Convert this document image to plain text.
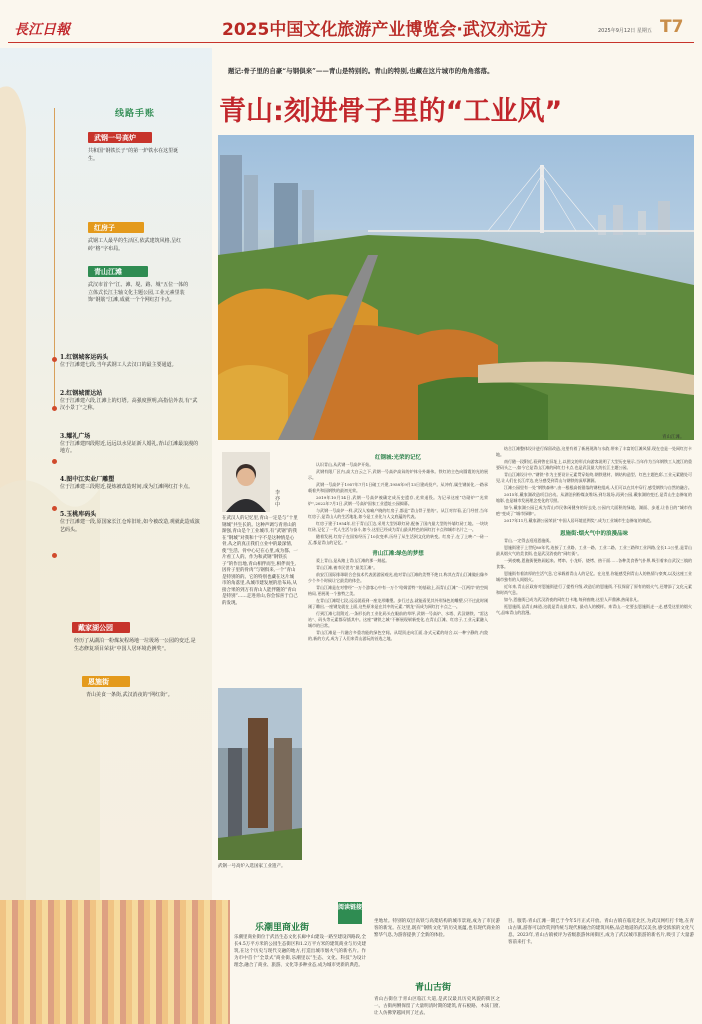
長江日報	2025中国文化旅游产业博览会·武汉亦远方	2025年9月12日 星期五 T7
题记:骨子里的自豪“与钢俱来”——青山是特别的。青山的特别,也藏在这片城市的角角落落。
青山:刻进骨子里的“工业风”
线路手账
武钢一号高炉
共和国“钢铁长子”的第一炉铁水在这里诞生。
红房子
武钢工人最早的生活区,依武建筑风格,呈红砖“格”字布局。
青山江滩
武汉市首个“江、滩、堤、路、城”五位一体的立体式长江主轴文化主题公园,工业元素里装饰“钢筋”江滩,成就一个个网红打卡点。
1.红钢城客运码头
位于江滩建七段,当年武钢工人去汉口的最主要通道。
2.红钢城雷达站
位于江滩建六段,江滩上的灯塔。高强度照明,高指信外表,有“武汉小景丁”之称。
3.耀礼广场
位于江滩建四段附近,远远以水见证新人婚礼,青山江滩最浪漫的地方。
4.图中江实业厂雕塑
位于江滩建三段附近,提炼被改造时间,成为江滩网红打卡点。
5.玉桃库码头
位于江滩建一段,原国家长江仓库旧址,如今被改造,观就此造成演艺码头。
戴家湖公园
经历了从湖泊一粉煤灰程场地一垃圾场一公园的变迁,是生态修复项目荣获“中国人居环境范例奖”。
恩施街
青山美食一条街,武汉消夜的“网红街”。
青山江滩。
李亦中
在武汉人的记忆里,青山一定是与“十里钢城”共生长的。这种声调与青青山的渐强,青山是个工业城市,有“武钢”的我在“钢城”对我和十字不是这种情是心骨,从之的真正我们立业中的最深情,使“生活、骨中心记在心里,成为都、一片看工人的。作为和武钢“钢铁长子”的作出地,青山相伴而生,相伴而生,因骨子里的骨肉”与钢俱来,一个“青山是特别的的。它的特别也藏在这片城市的角落里,从城市建发展的沿布局,从接合果的到万有青山人能伴随的“青山是特别”……走进青山,你会惊喜于自己的发现。
武钢一号高炉入选国家工业遗产。
红钢城:光荣的记忆

认识青山,从武钢一号高炉开始。

武钢有限厂区内,高大白云之下,武钢一号高炉高耸的炉体分外雄伟。铁红的主色向圆霞的光的展示。

武钢一号高炉于1957年7月1日破工兴建,1958年9月13日建成投产。从冲有,属生钢前化,一路承载着共和国钢铁的最初光荣。

2019年10月14日,武钢一号高炉被确定成历史遗存,光荣退役。为记录这座“功勋炉”“光荣炉”,2022年7月1日,武钢一号高炉国家工业遗址公园揭幕。

与武钢一号高炉一样,武汉人家喻户晓的红房子,都是“青山骨子里的”。从江对岸看,正门经营,当年红房子,是青山人的生活地址,如今是工业化与人文底蕴的代表。

红房子建于1954年,位于青山江边,采用大型苏联红砖,配备了国内最大型的外墙红砖工地。一块块红砖,记忆了一代人生活与奋斗,如今,这里已经成为青山最具特色的网红打卡点和城市名片之一。

随着发展,红房子在国家经历了10次变革,历经了从生活到文化的转变。红房子,在了上映:“一砖一瓦,都是青山的记忆。”

青山江滩:绿色的梦想

爱上青山,是从踏上青山江滩的那一刻起。

青山江滩,被市民誉为“最美江滩”。

前安江国际排球联合会技术代表团游园观光,他对青山江滩的美赞不绝口,称其在青山江滩做出像多少个多个时候让它最美的体会。

青山江滩是在对曾经“一万个游客心中有一万个‘哈姆雷特’”的基础上,而青山江滩“一江两岸”的空间格局,更展现一个独特之美。

在青山江滩堤七段,远远就看到一座龙形雕塑。步行过去,就能看见其外形绿色的雕塑,只不过此时刚刚了雕出,一座钢龙就在上面,这些原来是在其中的元素,“钢龙”而成为网红打卡点之一。

行到江滩七段附近,一条形长的工业化码头在眼前的草坪,武钢一号高炉、水塔、武汉钢铁、“雷达站”、码头等元素都穿插其中。这座“钢铁之城”不断展现崭新变化,在青山江滩、红房子,工业元素融入城市的日常。

青山江滩是一片融合多重功能的绿色空间。从堤顶走向江面,各式元素的结合,以一种宁静的,内敛的,新的方式,成为了人们来青山游玩的首选之地。

结合江滩整体设计进行保留改造,这里有着了新展现海与水韵,带来了丰富的江滩风情,现在也是一处网红打卡地。

南行随一段附近,看到曾在旧址上,以图文的形式向游客说明了大型历史展示,当年作为当年钢铁工人渡江的重要码头之一,如今它是青山江滩的网红打卡点,也是武汉最大的长江主题公园。

青山江滩设计中,“钢铁”作为主要设计元素贯穿始终,钢铁建材、钢结构造型、红色主题色彩,工业元素随处可见,让人们在长江岸边,充分感受到青山与钢铁的深厚渊源。

江滩公园里有一处“钢铁森林”,由一根根高低错落的钢柱组成,人们可以在其中穿行,感受钢铁与自然的融合。

2015年,戴家湖改造项目启动。从湖泊到粉煤灰堆场,到垃圾场,再到公园,戴家湖的变迁,是青山生态修复的缩影,也是城市发展理念变化的写照。

如今,戴家湖公园已成为青山市民休闲健身的好去处,公园内大面积的绿地、湖面、步道,让昔日的“城市伤疤”变成了“城市绿肺”。

2017年11月,戴家湖公园荣获“中国人居环境范例奖”,成为工业城市生态修复的典范。

恩施街:烟火气中的浪漫品味

青山,一定得去逛逛恩施街。

恩施街建于上世纪80年代,连接了工业路、工业一路、工业二路、工业三路和工业四路,全长1.2公里,是青山最具烟火气的美食街,也是武汉消夜的“网红街”。

一到夜晚,恩施街便热闹起来。烤串、小龙虾、烧烤、热干面……各种美食香气扑鼻,吸引着来自武汉三镇的食客。

恩施街有着浓厚的生活气息,它承载着青山人的记忆。在这里,你能感受到青山人的热情与豪爽,以及这座工业城市独有的人间烟火。

近年来,青山区政府对恩施街进行了提档升级,改造后的恩施街,不仅保留了原有的烟火气,还增添了文化元素和时尚气息。

如今,恩施街已成为武汉消夜的网红打卡地,每到夜晚,这里人声鼎沸,热闹非凡。

逛恩施街,品青山味道,这就是青山最真实、最动人的模样。来青山,一定要去恩施街走一走,感受这里的烟火气,品味青山的浪漫。

阅读链接
乐潮里商业街
乐潮里商业街位于武昌生态文化长廊中山建设一路至建设四路段,全长4.5万平方米的公园生态街区和1.2万平方米的建筑商业与历史建筑,在这个历史与现代交融的地方,打造出城市烟火气的新名片。作为市中首个“全景式”商业街,乐潮里以“生态、文化、科技”为设计理念,融合了商业、旅游、文化等多种业态,成为城市更新的典范。
坐地址。特别的双层高铁与高架结构的城市景观,成为了市民游客的新宠。在这里,既有“钢铁文化”的历史底蕴,也有现代商业的繁华气息,为游客提供了全新的体验。
青山古街
青山古街位于青山区临江大道,是武汉最具历史风貌的街区之一。古街两侧保留了大量明清时期的建筑,青石板路、木质门窗,让人仿佛穿越回到了过去。
目。服装:青山江滩一期已于今年5月正式开放。青山古镇在临近北区,为武汉网红打卡地,在青山古镇,游客可以欣赏到传统与现代相融合的建筑风格,品尝地道的武汉美食,感受浓浓的文化气息。2023年,青山古镇被评为省级旅游休闲街区,成为了武汉城市旅游的新名片,吸引了大量游客前来打卡。
